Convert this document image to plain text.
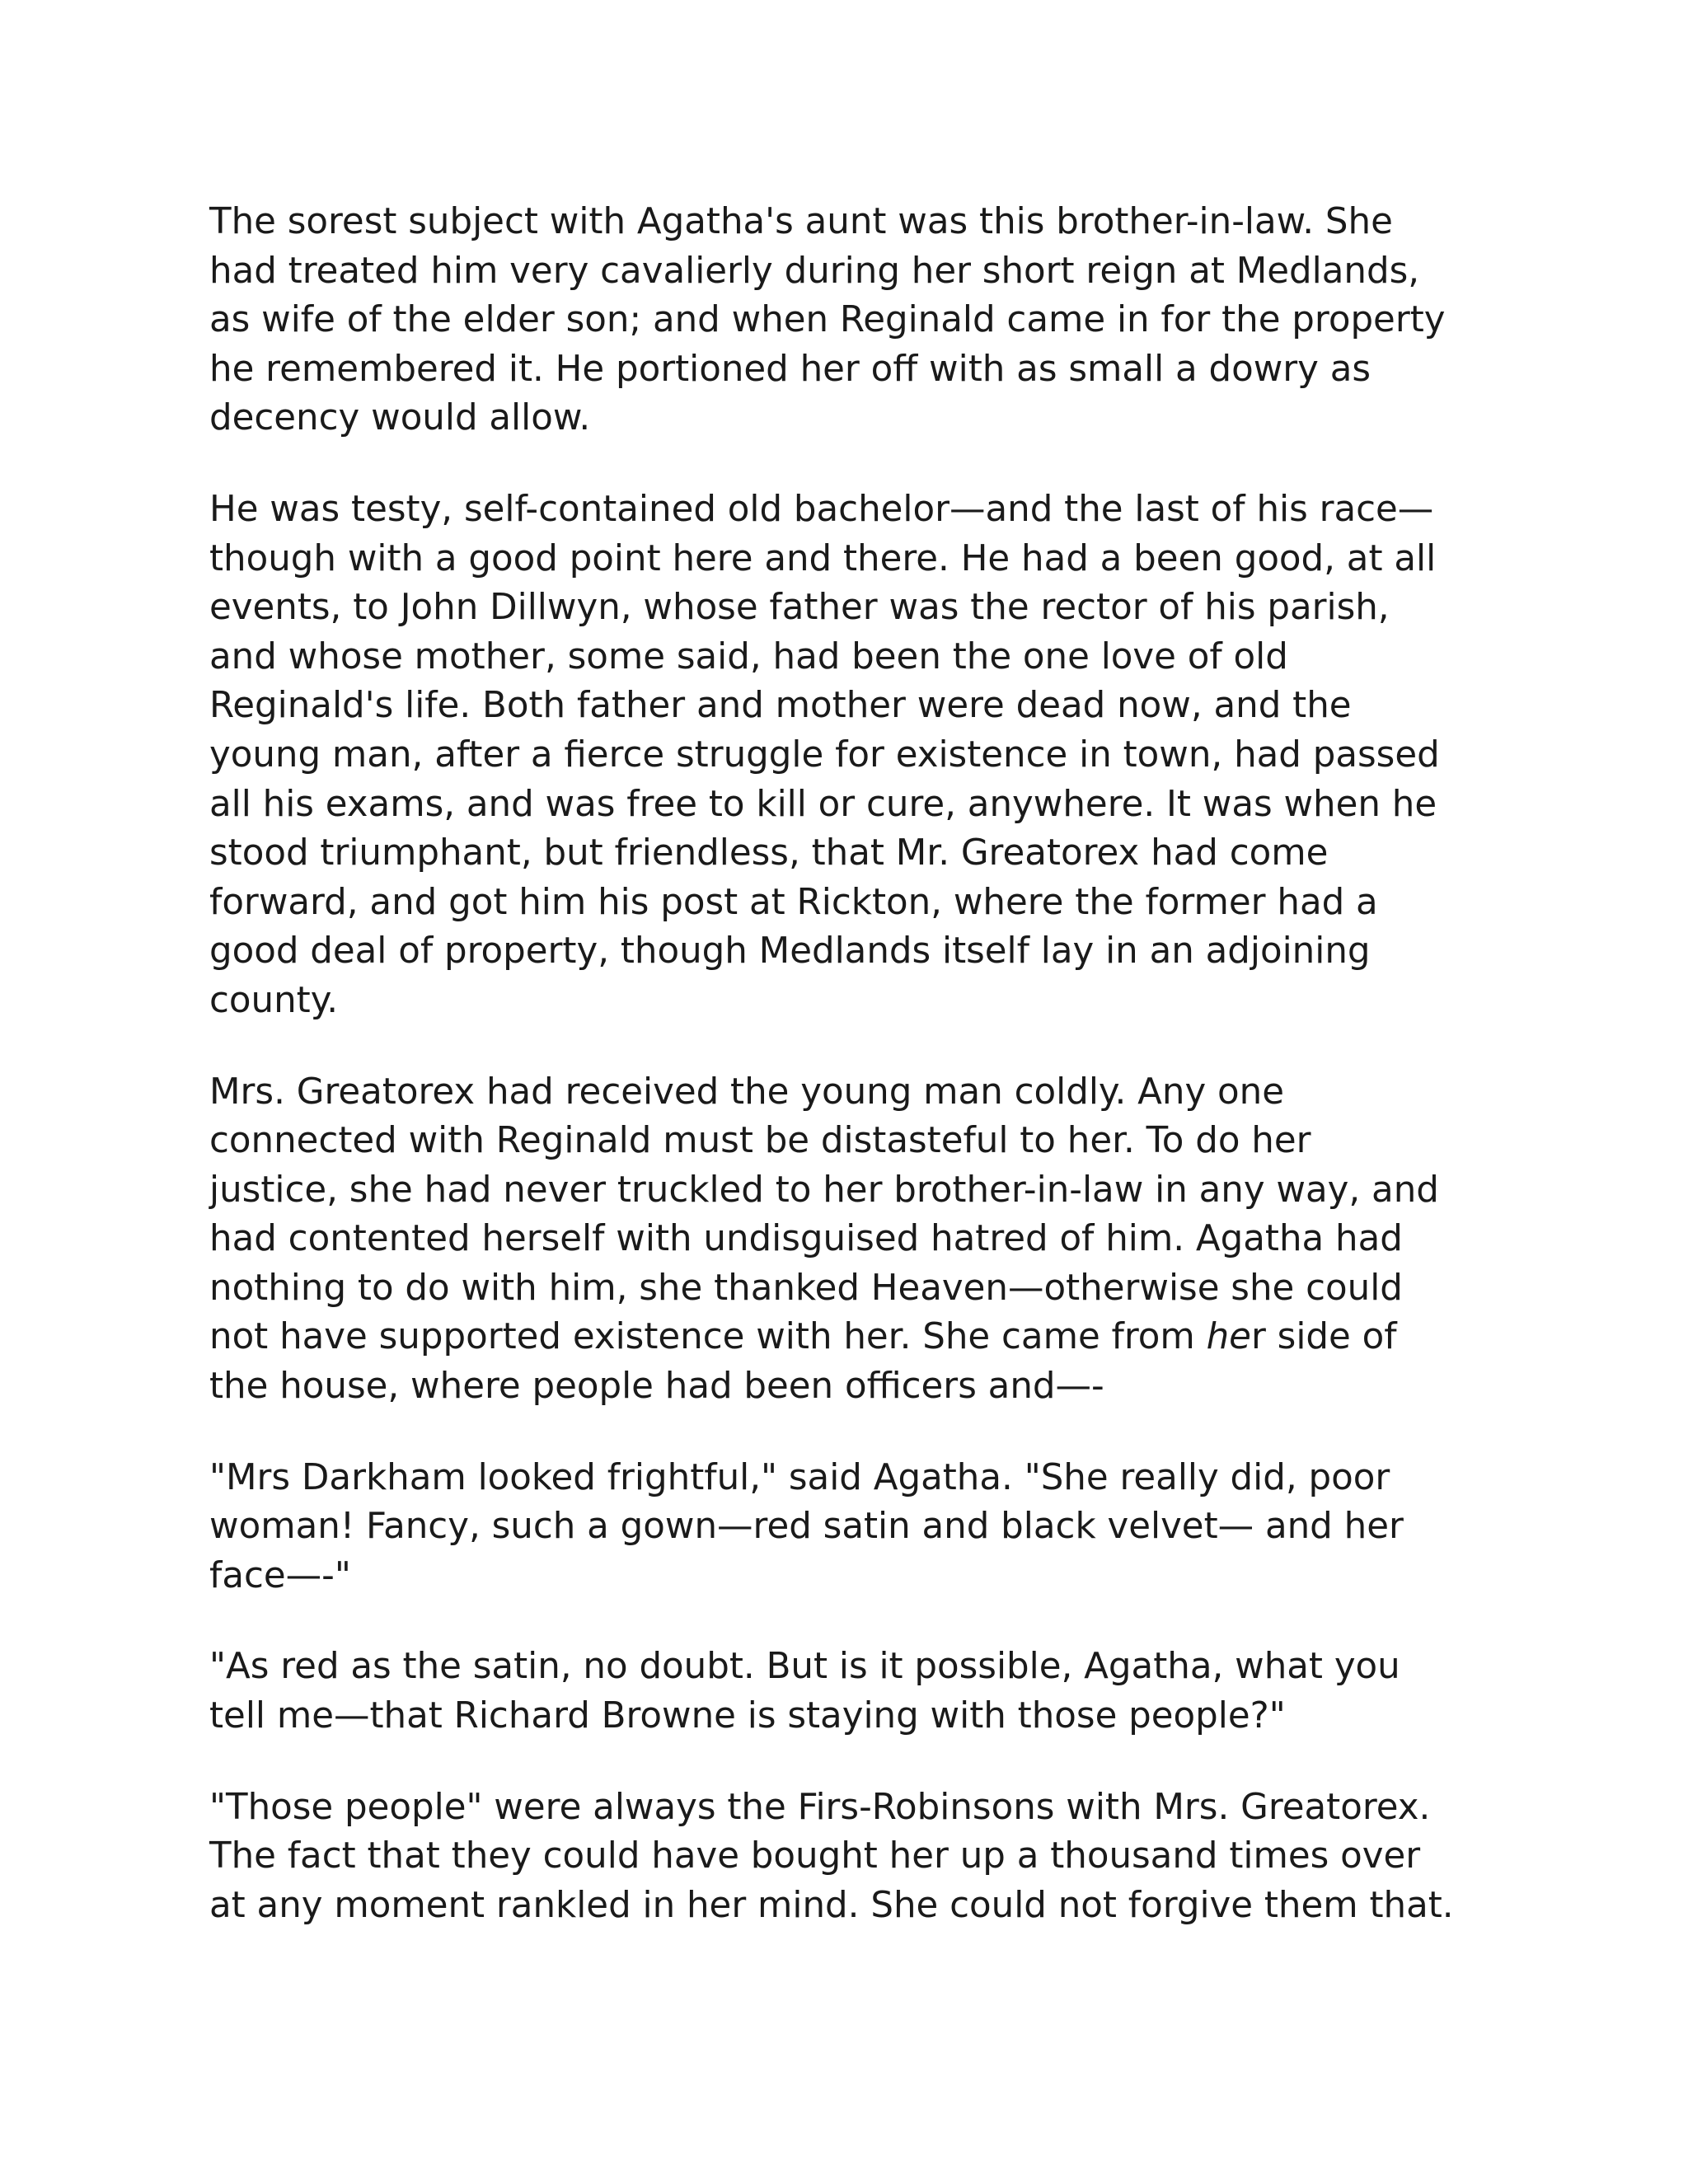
The sorest subject with Agatha's aunt was this brother-in-law. She
had treated him very cavalierly during her short reign at Medlands,
as wife of the elder son; and when Reginald came in for the property
he remembered it. He portioned her off with as small a dowry as
decency would allow.

He was testy, self-contained old bachelor—and the last of his race—
though with a good point here and there. He had a been good, at all
events, to John Dillwyn, whose father was the rector of his parish,
and whose mother, some said, had been the one love of old
Reginald's life. Both father and mother were dead now, and the
young man, after a fierce struggle for existence in town, had passed
all his exams, and was free to kill or cure, anywhere. It was when he
stood triumphant, but friendless, that Mr. Greatorex had come
forward, and got him his post at Rickton, where the former had a
good deal of property, though Medlands itself lay in an adjoining
county.

Mrs. Greatorex had received the young man coldly. Any one
connected with Reginald must be distasteful to her. To do her
justice, she had never truckled to her brother-in-law in any way, and
had contented herself with undisguised hatred of him. Agatha had
nothing to do with him, she thanked Heaven—otherwise she could
not have supported existence with her. She came from her side of
the house, where people had been officers and—-

"Mrs Darkham looked frightful," said Agatha. "She really did, poor
woman! Fancy, such a gown—red satin and black velvet— and her
face—-"

"As red as the satin, no doubt. But is it possible, Agatha, what you
tell me—that Richard Browne is staying with those people?"

"Those people" were always the Firs-Robinsons with Mrs. Greatorex.
The fact that they could have bought her up a thousand times over
at any moment rankled in her mind. She could not forgive them that.
